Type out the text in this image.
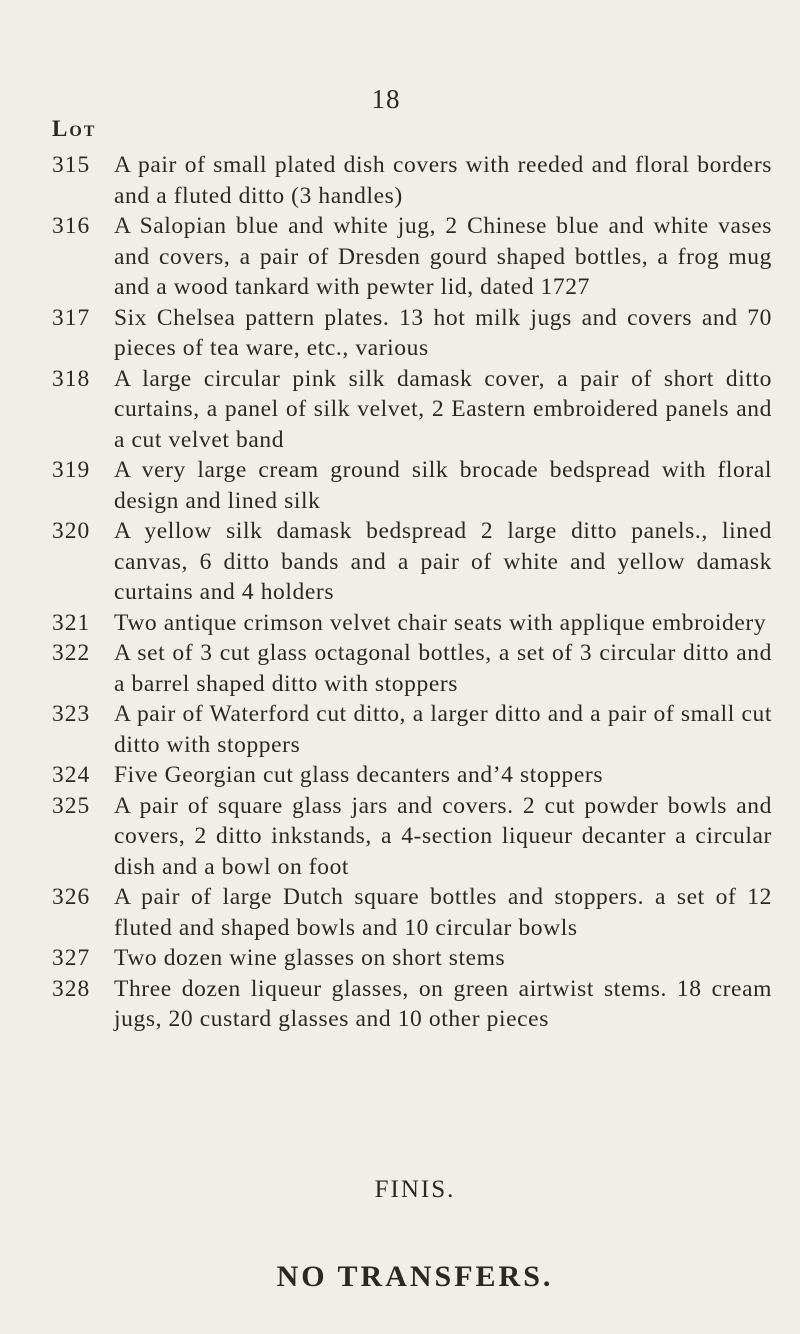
18
Lot
315	A pair of small plated dish covers with reeded and floral borders and a fluted ditto (3 handles)
316	A Salopian blue and white jug, 2 Chinese blue and white vases and covers, a pair of Dresden gourd shaped bottles, a frog mug and a wood tankard with pewter lid, dated 1727
317	Six Chelsea pattern plates. 13 hot milk jugs and covers and 70 pieces of tea ware, etc., various
318	A large circular pink silk damask cover, a pair of short ditto curtains, a panel of silk velvet, 2 Eastern embroidered panels and a cut velvet band
319	A very large cream ground silk brocade bedspread with floral design and lined silk
320	A yellow silk damask bedspread 2 large ditto panels., lined canvas, 6 ditto bands and a pair of white and yellow damask curtains and 4 holders
321	Two antique crimson velvet chair seats with applique embroidery
322	A set of 3 cut glass octagonal bottles, a set of 3 circular ditto and a barrel shaped ditto with stoppers
323	A pair of Waterford cut ditto, a larger ditto and a pair of small cut ditto with stoppers
324	Five Georgian cut glass decanters and’4 stoppers
325	A pair of square glass jars and covers. 2 cut powder bowls and covers, 2 ditto inkstands, a 4-section liqueur decanter a circular dish and a bowl on foot
326	A pair of large Dutch square bottles and stoppers. a set of 12 fluted and shaped bowls and 10 circular bowls
327	Two dozen wine glasses on short stems
328	Three dozen liqueur glasses, on green airtwist stems. 18 cream jugs, 20 custard glasses and 10 other pieces
FINIS.
NO TRANSFERS.
